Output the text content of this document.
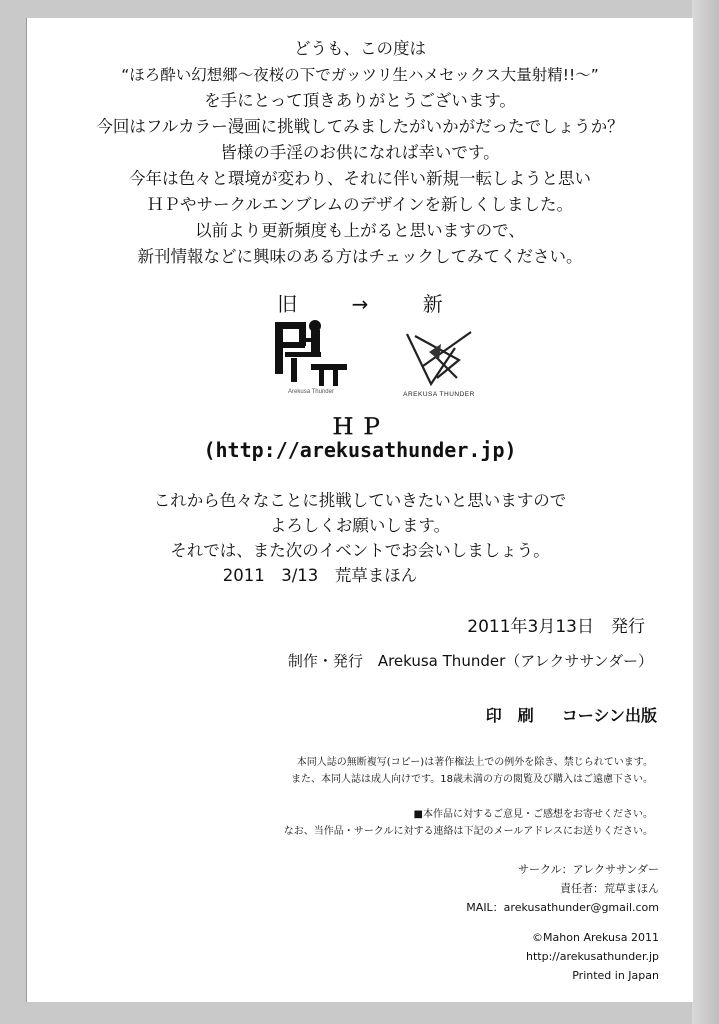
どうも、この度は
“ほろ酔い幻想郷～夜桜の下でガッツリ生ハメセックス大量射精!!～”
を手にとって頂きありがとうございます。
今回はフルカラー漫画に挑戦してみましたがいかがだったでしょうか？
皆様の手淫のお供になれば幸いです。
今年は色々と環境が変わり、それに伴い新規一転しようと思い
ＨＰやサークルエンブレムのデザインを新しくしました。
以前より更新頻度も上がると思いますので、
新刊情報などに興味のある方はチェックしてみてください。
旧	→	新
Arekusa Thunder	AREKUSA THUNDER
ＨＰ
(http://arekusathunder.jp)
これから色々なことに挑戦していきたいと思いますので
よろしくお願いします。
それでは、また次のイベントでお会いしましょう。
2011　3/13　荒草まほん
2011年3月13日　発行
制作・発行　Arekusa Thunder（アレクササンダー）
印　刷 コーシン出版
本同人誌の無断複写(コピー)は著作権法上での例外を除き、禁じられています。
また、本同人誌は成人向けです。18歳未満の方の閲覧及び購入はご遠慮下さい。
■本作品に対するご意見・ご感想をお寄せください。
なお、当作品・サークルに対する連絡は下記のメールアドレスにお送りください。
サークル：アレクササンダー
責任者：荒草まほん
MAIL：arekusathunder@gmail.com
©Mahon Arekusa 2011
http://arekusathunder.jp
Printed in Japan
